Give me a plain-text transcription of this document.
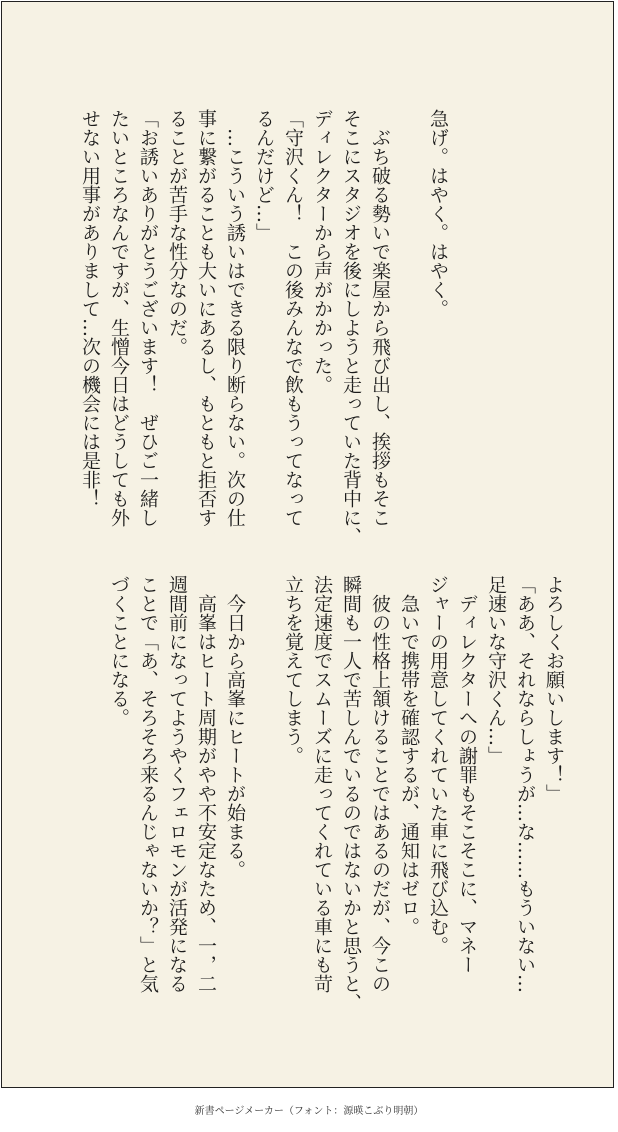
急げ。はやく。はやく。
　ぶち破る勢いで楽屋から飛び出し、挨拶もそこ
そこにスタジオを後にしようと走っていた背中に、
ディレクターから声がかかった。
「守沢くん！　この後みんなで飲もうってなって
るんだけど…」
　…こういう誘いはできる限り断らない。次の仕
事に繋がることも大いにあるし、もともと拒否す
ることが苦手な性分なのだ。
「お誘いありがとうございます！　ぜひご一緒し
たいところなんですが、生憎今日はどうしても外
せない用事がありまして…次の機会には是非！
よろしくお願いします！」
「ああ、それならしょうが…な……もういない…
足速いな守沢くん…」
　ディレクターへの謝罪もそこそこに、マネー
ジャーの用意してくれていた車に飛び込む。
　急いで携帯を確認するが、通知はゼロ。
　彼の性格上頷けることではあるのだが、今この
瞬間も一人で苦しんでいるのではないかと思うと、
法定速度でスムーズに走ってくれている車にも苛
立ちを覚えてしまう。
　今日から高峯にヒートが始まる。
　高峯はヒート周期がやや不安定なため、一，二
週間前になってようやくフェロモンが活発になる
ことで「あ、そろそろ来るんじゃないか？」と気
づくことになる。
新書ページメーカー（フォント：源暎こぶり明朝）
